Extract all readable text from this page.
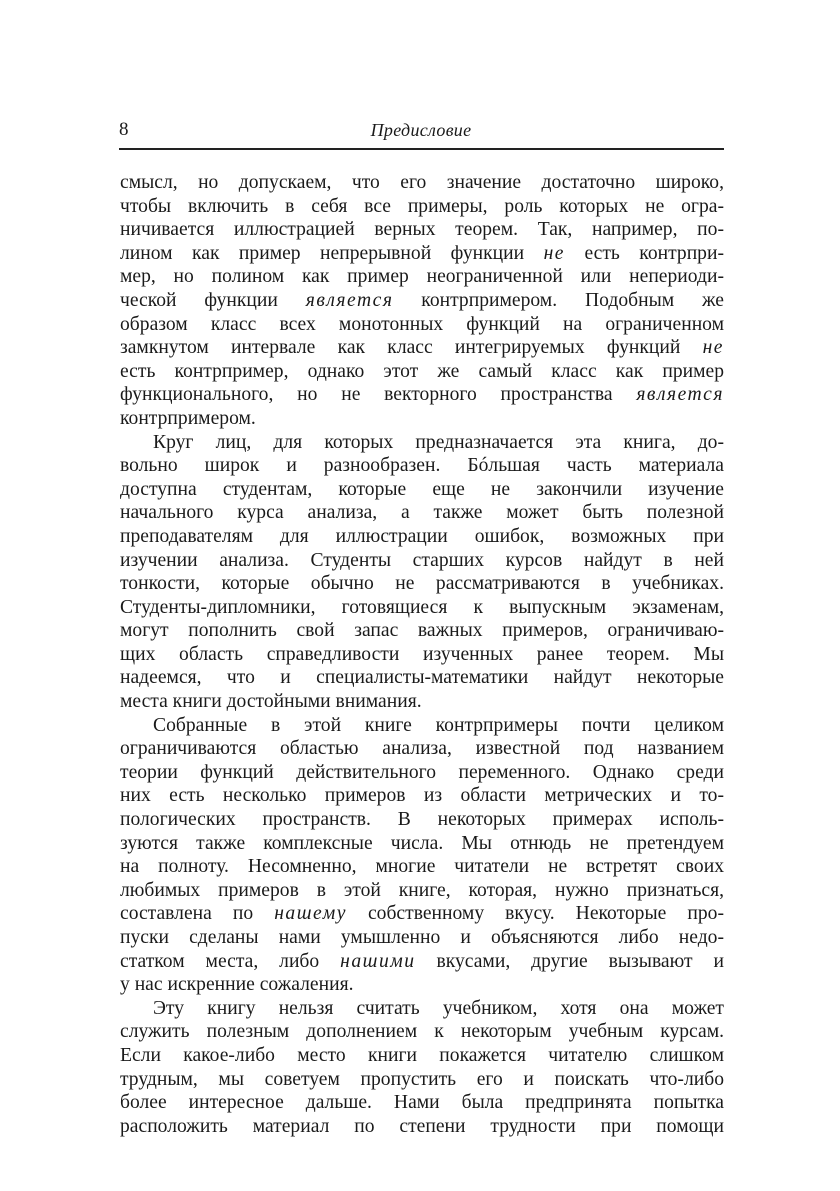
8	Предисловие
смысл, но допускаем, что его значение достаточно широко,
чтобы включить в себя все примеры, роль которых не огра-
ничивается иллюстрацией верных теорем. Так, например, по-
лином как пример непрерывной функции не есть контрпри-
мер, но полином как пример неограниченной или непериоди-
ческой функции является контрпримером. Подобным же
образом класс всех монотонных функций на ограниченном
замкнутом интервале как класс интегрируемых функций не
есть контрпример, однако этот же самый класс как пример
функционального, но не векторного пространства является
контрпримером.
Круг лиц, для которых предназначается эта книга, до-
вольно широк и разнообразен. Бóльшая часть материала
доступна студентам, которые еще не закончили изучение
начального курса анализа, а также может быть полезной
преподавателям для иллюстрации ошибок, возможных при
изучении анализа. Студенты старших курсов найдут в ней
тонкости, которые обычно не рассматриваются в учебниках.
Студенты-дипломники, готовящиеся к выпускным экзаменам,
могут пополнить свой запас важных примеров, ограничиваю-
щих область справедливости изученных ранее теорем. Мы
надеемся, что и специалисты-математики найдут некоторые
места книги достойными внимания.
Собранные в этой книге контрпримеры почти целиком
ограничиваются областью анализа, известной под названием
теории функций действительного переменного. Однако среди
них есть несколько примеров из области метрических и то-
пологических пространств. В некоторых примерах исполь-
зуются также комплексные числа. Мы отнюдь не претендуем
на полноту. Несомненно, многие читатели не встретят своих
любимых примеров в этой книге, которая, нужно признаться,
составлена по нашему собственному вкусу. Некоторые про-
пуски сделаны нами умышленно и объясняются либо недо-
статком места, либо нашими вкусами, другие вызывают и
у нас искренние сожаления.
Эту книгу нельзя считать учебником, хотя она может
служить полезным дополнением к некоторым учебным курсам.
Если какое-либо место книги покажется читателю слишком
трудным, мы советуем пропустить его и поискать что-либо
более интересное дальше. Нами была предпринята попытка
расположить материал по степени трудности при помощи
